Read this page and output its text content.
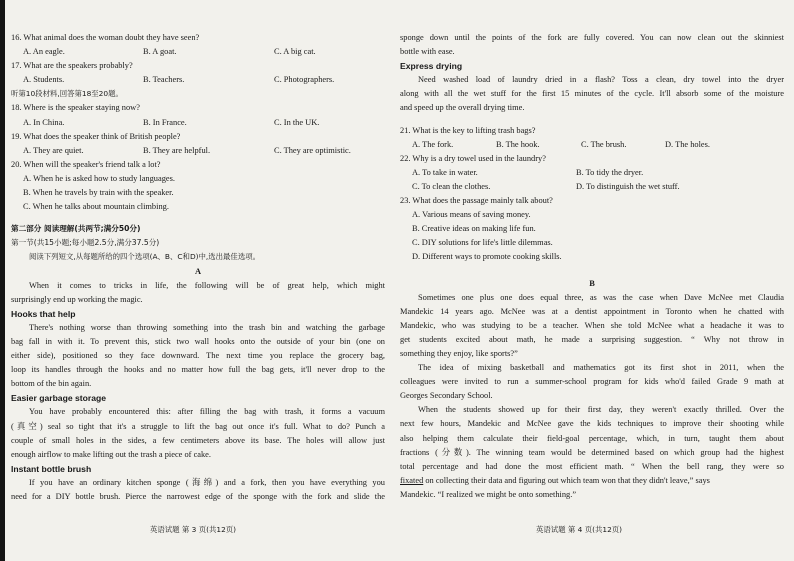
16. What animal does the woman doubt they have seen?
A. An eagle.	B. A goat.	C. A big cat.
17. What are the speakers probably?
A. Students.	B. Teachers.	C. Photographers.
听第10段材料,回答第18至20题。
18. Where is the speaker staying now?
A. In China.	B. In France.	C. In the UK.
19. What does the speaker think of British people?
A. They are quiet.	B. They are helpful.	C. They are optimistic.
20. When will the speaker's friend talk a lot?
A. When he is asked how to study languages.
B. When he travels by train with the speaker.
C. When he talks about mountain climbing.
第二部分 阅读理解(共两节;满分50分)
第一节(共15小题;每小题2.5分,满分37.5分)
阅读下列短文,从每题所给的四个选项(A、B、C和D)中,选出最佳选项。
A
When it comes to tricks in life, the following will be of great help, which might
surprisingly end up working the magic.
Hooks that help
There's nothing worse than throwing something into the trash bin and watching the garbage
bag fall in with it. To prevent this, stick two wall hooks onto the outside of your bin (one on
either side), positioned so they face downward. The next time you replace the grocery bag,
loop its handles through the hooks and no matter how full the bag gets, it'll never drop to the
bottom of the bin again.
Easier garbage storage
You have probably encountered this: after filling the bag with trash, it forms a vacuum
(真空) seal so tight that it's a struggle to lift the bag out once it's full. What to do? Punch a
couple of small holes in the sides, a few centimeters above its base. The holes will allow just
enough airflow to make lifting out the trash a piece of cake.
Instant bottle brush
If you have an ordinary kitchen sponge (海绵) and a fork, then you have everything you
need for a DIY bottle brush. Pierce the narrowest edge of the sponge with the fork and slide the
英语试题 第 3 页(共12页)
sponge down until the points of the fork are fully covered. You can now clean out the skinniest
bottle with ease.
Express drying
Need washed load of laundry dried in a flash? Toss a clean, dry towel into the dryer
along with all the wet stuff for the first 15 minutes of the cycle. It'll absorb some of the moisture
and speed up the overall drying time.
21. What is the key to lifting trash bags?
A. The fork.	B. The hook.	C. The brush.	D. The holes.
22. Why is a dry towel used in the laundry?
A. To take in water.	B. To tidy the dryer.
C. To clean the clothes.	D. To distinguish the wet stuff.
23. What does the passage mainly talk about?
A. Various means of saving money.
B. Creative ideas on making life fun.
C. DIY solutions for life's little dilemmas.
D. Different ways to promote cooking skills.
B
Sometimes one plus one does equal three, as was the case when Dave McNee met Claudia
Mandekic 14 years ago. McNee was at a dentist appointment in Toronto when he chatted with
Mandekic, who was studying to be a teacher. When she told McNee what a headache it was to
get students excited about math, he made a surprising suggestion. “ Why not throw in
something they enjoy, like sports?”
The idea of mixing basketball and mathematics got its first shot in 2011, when the
colleagues were invited to run a summer-school program for kids who'd failed Grade 9 math at
Georges Secondary School.
When the students showed up for their first day, they weren't exactly thrilled. Over the
next few hours, Mandekic and McNee gave the kids techniques to improve their shooting while
also helping them calculate their field-goal percentage, which, in turn, taught them about
fractions (分数). The winning team would be determined based on which group had the highest
total percentage and had done the most efficient math. “ When the bell rang, they were so
fixated on collecting their data and figuring out which team won that they didn't leave,” says
Mandekic. “I realized we might be onto something.”
英语试题 第 4 页(共12页)
